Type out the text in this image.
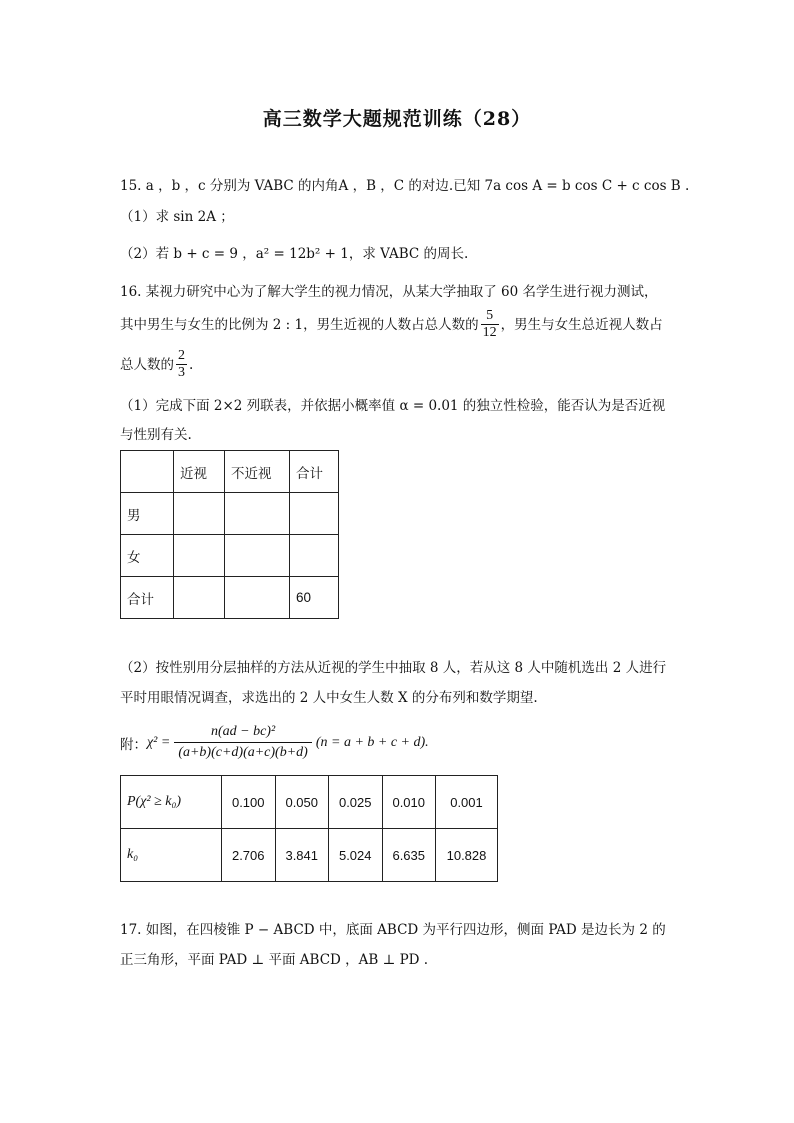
高三数学大题规范训练（28）
15. a ，b ，c 分别为 VABC 的内角A ，B ，C 的对边.已知 7a cos A = b cos C + c cos B .
（1）求 sin 2A ；
（2）若 b + c = 9 ，a² = 12b² + 1，求 VABC 的周长.
16. 某视力研究中心为了解大学生的视力情况，从某大学抽取了 60 名学生进行视力测试，
其中男生与女生的比例为 2 : 1，男生近视的人数占总人数的 $\frac{5}{12}$ ，男生与女生总近视人数占
总人数的 $\frac{2}{3}$ .
（1）完成下面 2×2 列联表，并依据小概率值 α = 0.01 的独立性检验，能否认为是否近视
与性别有关.
	近视	不近视	合计
男			
女			
合计			60
（2）按性别用分层抽样的方法从近视的学生中抽取 8 人，若从这 8 人中随机选出 2 人进行
平时用眼情况调查，求选出的 2 人中女生人数 X 的分布列和数学期望.
附： $\chi^2 = \frac{\text{n(ad − bc)²}}{(a+b)(c+d)(a+c)(b+d)} (n = a + b + c + d)$.
P(χ² ≥ k₀)	0.100	0.050	0.025	0.010	0.001
k₀	2.706	3.841	5.024	6.635	10.828
17. 如图，在四棱锥 P − ABCD 中，底面 ABCD 为平行四边形，侧面 PAD 是边长为 2 的
正三角形，平面 PAD ⊥ 平面 ABCD ，AB ⊥ PD .
